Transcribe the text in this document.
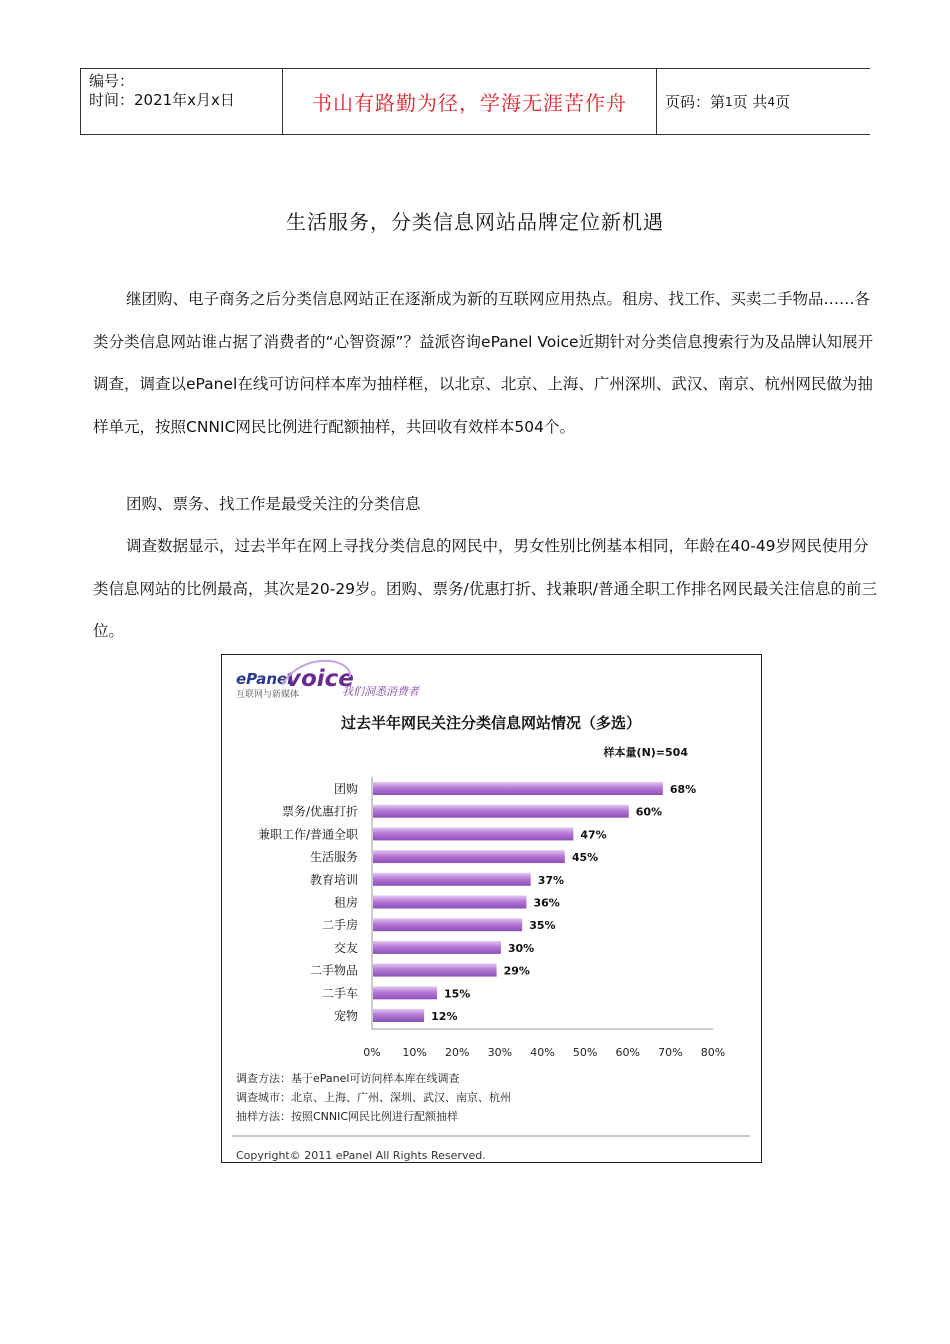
编号：
时间：2021年x月x日	书山有路勤为径，学海无涯苦作舟	页码：第 1 页 共 4 页
生活服务，分类信息网站品牌定位新机遇

继团购、电子商务之后分类信息网站正在逐渐成为新的互联网应用热点。租房、找工作、买卖二手物品……各类分类信息网站谁占据了消费者的“心智资源”？益派咨询ePanel Voice近期针对分类信息搜索行为及品牌认知展开调查，调查以ePanel在线可访问样本库为抽样框，以北京、北京、上海、广州深圳、武汉、南京、杭州网民做为抽样单元，按照CNNIC网民比例进行配额抽样，共回收有效样本504个。

团购、票务、找工作是最受关注的分类信息

调查数据显示，过去半年在网上寻找分类信息的网民中，男女性别比例基本相同，年龄在40-49岁网民使用分类信息网站的比例最高，其次是20-29岁。团购、票务/优惠打折、找兼职/普通全职工作排名网民最关注信息的前三位。

ePanel
voice
互联网与新媒体	我们洞悉消费者
过去半年网民关注分类信息网站情况（多选）
样本量(N)=504
团购	68%
票务/优惠打折	60%
兼职工作/普通全职	47%
生活服务	45%
教育培训	37%
租房	36%
二手房	35%
交友	30%
二手物品	29%
二手车	15%
宠物	12%
0% 10% 20% 30% 40% 50% 60% 70% 80%
调查方法：基于ePanel可访问样本库在线调查
调查城市：北京、上海、广州、深圳、武汉、南京、杭州
抽样方法：按照CNNIC网民比例进行配额抽样
Copyright© 2011 ePanel All Rights Reserved.
